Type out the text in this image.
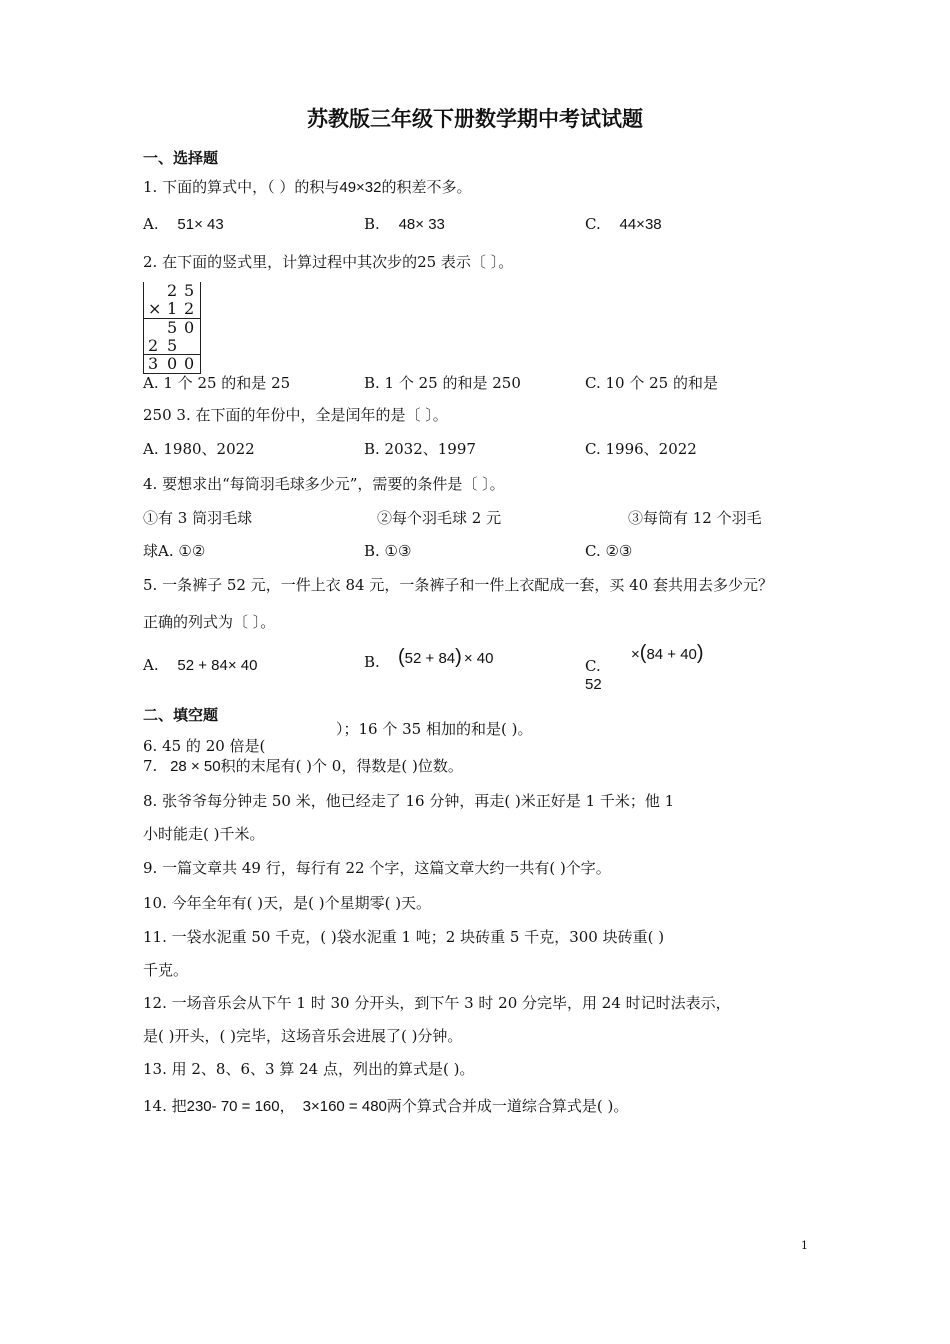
苏教版三年级下册数学期中考试试题
一、选择题
1. 下面的算式中，（ ）的积与49×32的积差不多。
A. 51× 43	B. 48× 33	C. 44×38
2. 在下面的竖式里，计算过程中其次步的25 表示〔 〕。
2 5
× 1 2
5 0
2 5
3 0 0
A. 1 个 25 的和是 25	B. 1 个 25 的和是 250	C. 10 个 25 的和是
250 3. 在下面的年份中，全是闰年的是〔 〕。
A. 1980、2022	B. 2032、1997	C. 1996、2022
4. 要想求出“每筒羽毛球多少元”，需要的条件是〔 〕。
①有 3 筒羽毛球	②每个羽毛球 2 元	③每筒有 12 个羽毛
球A. ①②	B. ①③	C. ②③
5. 一条裤子 52 元，一件上衣 84 元，一条裤子和一件上衣配成一套，买 40 套共用去多少元？
正确的列式为〔 〕。
A. 52 + 84× 40	B. (52 + 84) × 40	C.
52
×(84 + 40)
二、填空题
6. 45 的 20 倍是(
）；16 个 35 相加的和是( )。
7. 28 × 50积的末尾有( )个 0，得数是( )位数。
8. 张爷爷每分钟走 50 米，他已经走了 16 分钟，再走( )米正好是 1 千米；他 1
小时能走( )千米。
9. 一篇文章共 49 行，每行有 22 个字，这篇文章大约一共有( )个字。
10. 今年全年有( )天，是( )个星期零( )天。
11. 一袋水泥重 50 千克，( )袋水泥重 1 吨；2 块砖重 5 千克，300 块砖重( )
千克。
12. 一场音乐会从下午 1 时 30 分开头，到下午 3 时 20 分完毕，用 24 时记时法表示，
是( )开头，( )完毕，这场音乐会进展了( )分钟。
13. 用 2、8、6、3 算 24 点，列出的算式是( )。
14. 把230- 70 = 160， 3×160 = 480两个算式合并成一道综合算式是( )。
1
